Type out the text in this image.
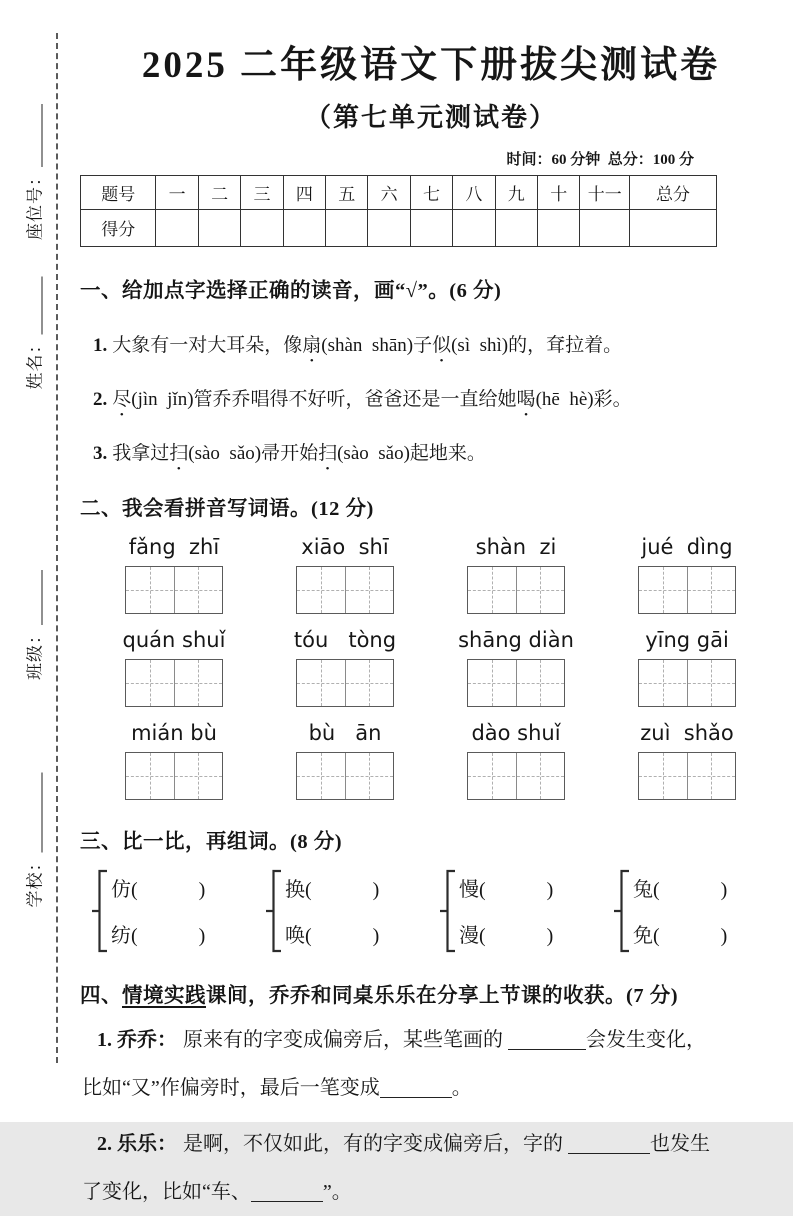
座位号：
姓名：
班级：
学校：
2025 二年级语文下册拔尖测试卷
（第七单元测试卷）
时间：60 分钟  总分：100 分
题号	一	二	三	四	五	六	七	八	九	十	十一	总分
得分												
一、给加点字选择正确的读音，画“√”。(6 分)
1. 大象有一对大耳朵，像扇(shàn  shān)子似(sì  shì)的，耷拉着。
2. 尽(jìn  jǐn)管乔乔唱得不好听，爸爸还是一直给她喝(hē  hè)彩。
3. 我拿过扫(sào  sǎo)帚开始扫(sào  sǎo)起地来。
二、我会看拼音写词语。(12 分)
fǎng  zhī	xiāo  shī	shàn  zi	jué  dìng
quán shuǐ	tóu   tòng	shāng diàn	yīng gāi
mián bù	bù   ān	dào shuǐ	zuì  shǎo
三、比一比，再组词。(8 分)
仿(	)
纺(	)
换(	)
唤(	)
慢(	)
漫(	)
兔(	)
免(	)
四、情境实践课间，乔乔和同桌乐乐在分享上节课的收获。(7 分)
1. 乔乔： 原来有的字变成偏旁后，某些笔画的	会发生变化，
比如“又”作偏旁时，最后一笔变成	。
2. 乐乐： 是啊，不仅如此，有的字变成偏旁后，字的	也发生
了变化，比如“车、	”。
